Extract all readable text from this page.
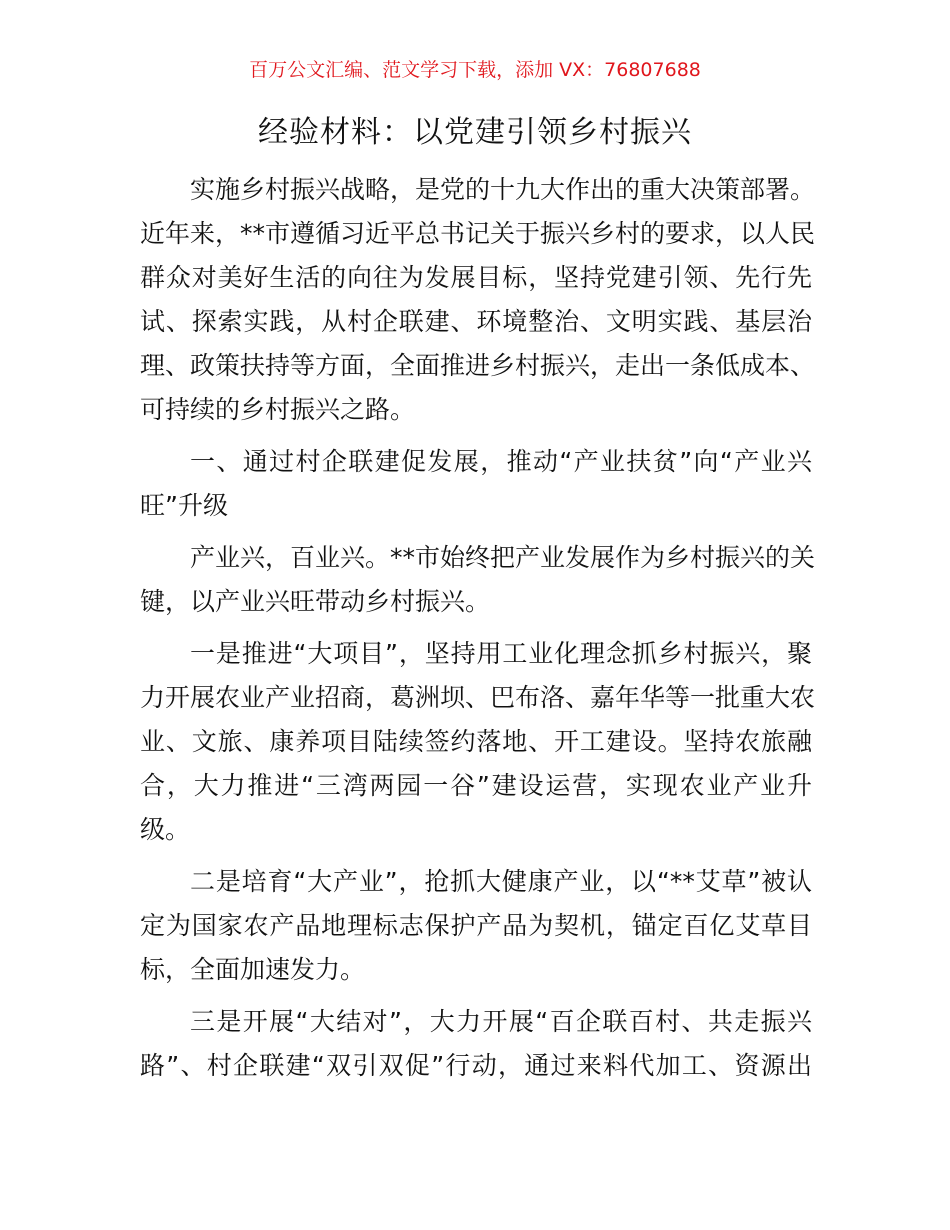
百万公文汇编、范文学习下载，添加 VX：76807688
经验材料：以党建引领乡村振兴
实施乡村振兴战略，是党的十九大作出的重大决策部署。
近年来，**市遵循习近平总书记关于振兴乡村的要求，以人民
群众对美好生活的向往为发展目标，坚持党建引领、先行先
试、探索实践，从村企联建、环境整治、文明实践、基层治
理、政策扶持等方面，全面推进乡村振兴，走出一条低成本、
可持续的乡村振兴之路。
一、通过村企联建促发展，推动“产业扶贫”向“产业兴
旺”升级
产业兴，百业兴。**市始终把产业发展作为乡村振兴的关
键，以产业兴旺带动乡村振兴。
一是推进“大项目”，坚持用工业化理念抓乡村振兴，聚
力开展农业产业招商，葛洲坝、巴布洛、嘉年华等一批重大农
业、文旅、康养项目陆续签约落地、开工建设。坚持农旅融
合，大力推进“三湾两园一谷”建设运营，实现农业产业升
级。
二是培育“大产业”，抢抓大健康产业，以“**艾草”被认
定为国家农产品地理标志保护产品为契机，锚定百亿艾草目
标，全面加速发力。
三是开展“大结对”，大力开展“百企联百村、共走振兴
路”、村企联建“双引双促”行动，通过来料代加工、资源出
